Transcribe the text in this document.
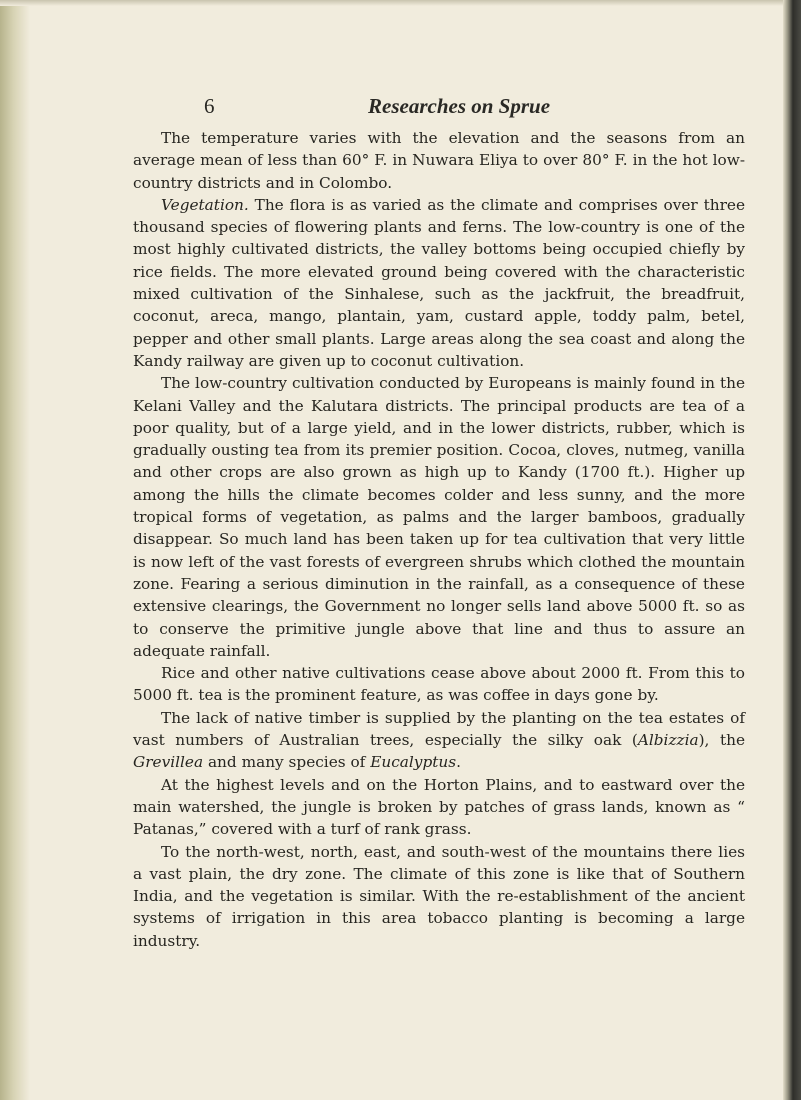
6	Researches on Sprue

The temperature varies with the elevation and the seasons from an average mean of less than 60° F. in Nuwara Eliya to over 80° F. in the hot low-country districts and in Colombo.

Vegetation. The flora is as varied as the climate and comprises over three thousand species of flowering plants and ferns. The low-country is one of the most highly cultivated districts, the valley bottoms being occupied chiefly by rice fields. The more elevated ground being covered with the characteristic mixed cultivation of the Sinhalese, such as the jackfruit, the breadfruit, coconut, areca, mango, plantain, yam, custard apple, toddy palm, betel, pepper and other small plants. Large areas along the sea coast and along the Kandy railway are given up to coconut cultivation.

The low-country cultivation conducted by Europeans is mainly found in the Kelani Valley and the Kalutara districts. The principal products are tea of a poor quality, but of a large yield, and in the lower districts, rubber, which is gradually ousting tea from its premier position. Cocoa, cloves, nutmeg, vanilla and other crops are also grown as high up to Kandy (1700 ft.). Higher up among the hills the climate becomes colder and less sunny, and the more tropical forms of vegetation, as palms and the larger bamboos, gradually disappear. So much land has been taken up for tea cultivation that very little is now left of the vast forests of evergreen shrubs which clothed the mountain zone. Fearing a serious diminution in the rainfall, as a consequence of these extensive clearings, the Government no longer sells land above 5000 ft. so as to conserve the primitive jungle above that line and thus to assure an adequate rainfall.

Rice and other native cultivations cease above about 2000 ft. From this to 5000 ft. tea is the prominent feature, as was coffee in days gone by.

The lack of native timber is supplied by the planting on the tea estates of vast numbers of Australian trees, especially the silky oak (Albizzia), the Grevillea and many species of Eucalyptus.

At the highest levels and on the Horton Plains, and to eastward over the main watershed, the jungle is broken by patches of grass lands, known as “ Patanas,” covered with a turf of rank grass.

To the north-west, north, east, and south-west of the mountains there lies a vast plain, the dry zone. The climate of this zone is like that of Southern India, and the vegetation is similar. With the re-establishment of the ancient systems of irrigation in this area tobacco planting is becoming a large industry.
